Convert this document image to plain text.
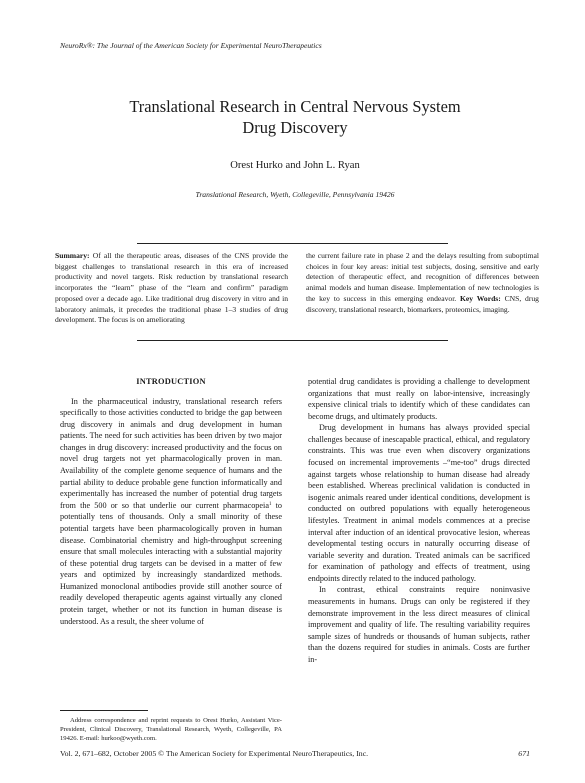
NeuroRx®: The Journal of the American Society for Experimental NeuroTherapeutics
Translational Research in Central Nervous System
Drug Discovery
Orest Hurko and John L. Ryan
Translational Research, Wyeth, Collegeville, Pennsylvania 19426
Summary: Of all the therapeutic areas, diseases of the CNS provide the biggest challenges to translational research in this era of increased productivity and novel targets. Risk reduction by translational research incorporates the “learn” phase of the “learn and confirm” paradigm proposed over a decade ago. Like traditional drug discovery in vitro and in laboratory animals, it precedes the traditional phase 1–3 studies of drug development. The focus is on ameliorating
the current failure rate in phase 2 and the delays resulting from suboptimal choices in four key areas: initial test subjects, dosing, sensitive and early detection of therapeutic effect, and recognition of differences between animal models and human disease. Implementation of new technologies is the key to success in this emerging endeavor. Key Words: CNS, drug discovery, translational research, biomarkers, proteomics, imaging.
INTRODUCTION

In the pharmaceutical industry, translational research refers specifically to those activities conducted to bridge the gap between drug discovery in animals and drug development in human patients. The need for such activities has been driven by two major changes in drug discovery: increased productivity and the focus on novel drug targets not yet pharmacologically proven in man. Availability of the complete genome sequence of humans and the partial ability to deduce probable gene function informatically and experimentally has increased the number of potential drug targets from the 500 or so that underlie our current pharmacopeia$^1$ to potentially tens of thousands. Only a small minority of these potential targets have been pharmacologically proven in human disease. Combinatorial chemistry and high-throughput screening ensure that small molecules interacting with a substantial majority of these potential drug targets can be devised in a matter of few years and optimized by increasingly standardized methods. Humanized monoclonal antibodies provide still another source of readily developed therapeutic agents against virtually any cloned protein target, whether or not its function in human disease is understood. As a result, the sheer volume of

potential drug candidates is providing a challenge to development organizations that must really on labor-intensive, increasingly expensive clinical trials to identify which of these candidates can become drugs, and ultimately products.

Drug development in humans has always provided special challenges because of inescapable practical, ethical, and regulatory constraints. This was true even when discovery organizations focused on incremental improvements –“me-too” drugs directed against targets whose relationship to human disease had already been established. Whereas preclinical validation is conducted in isogenic animals reared under identical conditions, development is conducted on outbred populations with equally heterogeneous lifestyles. Treatment in animal models commences at a precise interval after induction of an identical provocative lesion, whereas developmental testing occurs in naturally occurring disease of variable severity and duration. Treated animals can be sacrificed for examination of pathology and effects of treatment, using endpoints directly related to the induced pathology.

In contrast, ethical constraints require noninvasive measurements in humans. Drugs can only be registered if they demonstrate improvement in the less direct measures of clinical improvement and quality of life. The resulting variability requires sample sizes of hundreds or thousands of human subjects, rather than the dozens required for studies in animals. Costs are further in-

Address correspondence and reprint requests to Orest Hurko, Assistant Vice-President, Clinical Discovery, Translational Research, Wyeth, Collegeville, PA 19426. E-mail: hurkoo@wyeth.com.

Vol. 2, 671–682, October 2005 © The American Society for Experimental NeuroTherapeutics, Inc.	671
